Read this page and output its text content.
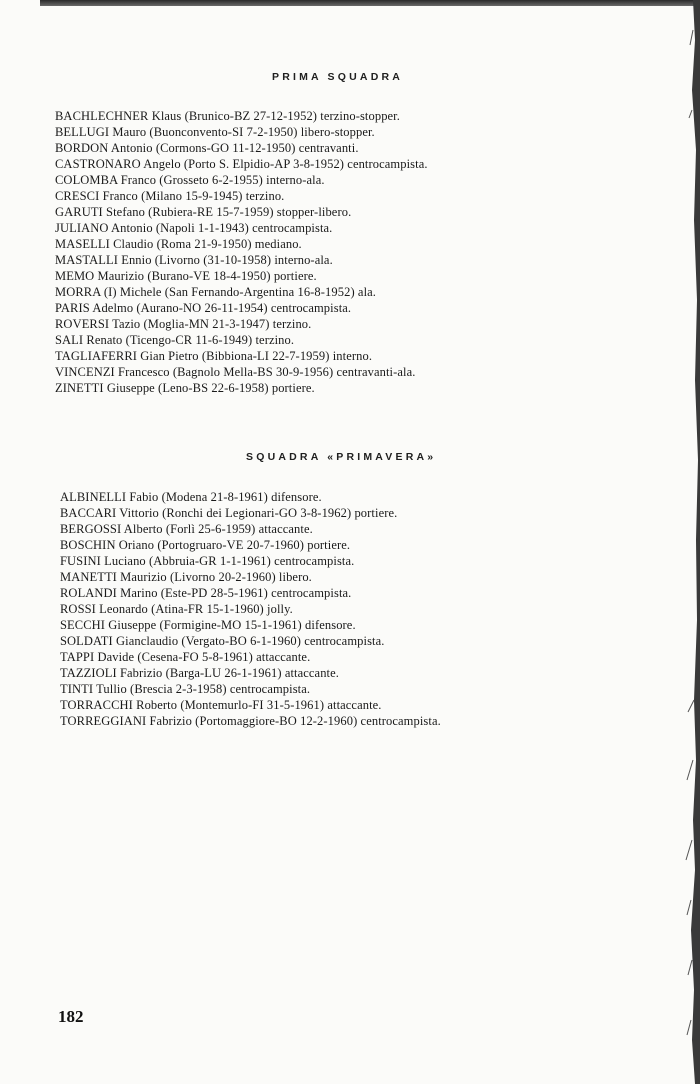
PRIMA SQUADRA
BACHLECHNER Klaus (Brunico-BZ 27-12-1952) terzino-stopper.
BELLUGI Mauro (Buonconvento-SI 7-2-1950) libero-stopper.
BORDON Antonio (Cormons-GO 11-12-1950) centravanti.
CASTRONARO Angelo (Porto S. Elpidio-AP 3-8-1952) centrocampista.
COLOMBA Franco (Grosseto 6-2-1955) interno-ala.
CRESCI Franco (Milano 15-9-1945) terzino.
GARUTI Stefano (Rubiera-RE 15-7-1959) stopper-libero.
JULIANO Antonio (Napoli 1-1-1943) centrocampista.
MASELLI Claudio (Roma 21-9-1950) mediano.
MASTALLI Ennio (Livorno (31-10-1958) interno-ala.
MEMO Maurizio (Burano-VE 18-4-1950) portiere.
MORRA (I) Michele (San Fernando-Argentina 16-8-1952) ala.
PARIS Adelmo (Aurano-NO 26-11-1954) centrocampista.
ROVERSI Tazio (Moglia-MN 21-3-1947) terzino.
SALI Renato (Ticengo-CR 11-6-1949) terzino.
TAGLIAFERRI Gian Pietro (Bibbiona-LI 22-7-1959) interno.
VINCENZI Francesco (Bagnolo Mella-BS 30-9-1956) centravanti-ala.
ZINETTI Giuseppe (Leno-BS 22-6-1958) portiere.
SQUADRA «PRIMAVERA»
ALBINELLI Fabio (Modena 21-8-1961) difensore.
BACCARI Vittorio (Ronchi dei Legionari-GO 3-8-1962) portiere.
BERGOSSI Alberto (Forlì 25-6-1959) attaccante.
BOSCHIN Oriano (Portogruaro-VE 20-7-1960) portiere.
FUSINI Luciano (Abbruia-GR 1-1-1961) centrocampista.
MANETTI Maurizio (Livorno 20-2-1960) libero.
ROLANDI Marino (Este-PD 28-5-1961) centrocampista.
ROSSI Leonardo (Atina-FR 15-1-1960) jolly.
SECCHI Giuseppe (Formigine-MO 15-1-1961) difensore.
SOLDATI Gianclaudio (Vergato-BO 6-1-1960) centrocampista.
TAPPI Davide (Cesena-FO 5-8-1961) attaccante.
TAZZIOLI Fabrizio (Barga-LU 26-1-1961) attaccante.
TINTI Tullio (Brescia 2-3-1958) centrocampista.
TORRACCHI Roberto (Montemurlo-FI 31-5-1961) attaccante.
TORREGGIANI Fabrizio (Portomaggiore-BO 12-2-1960) centrocampista.
182
